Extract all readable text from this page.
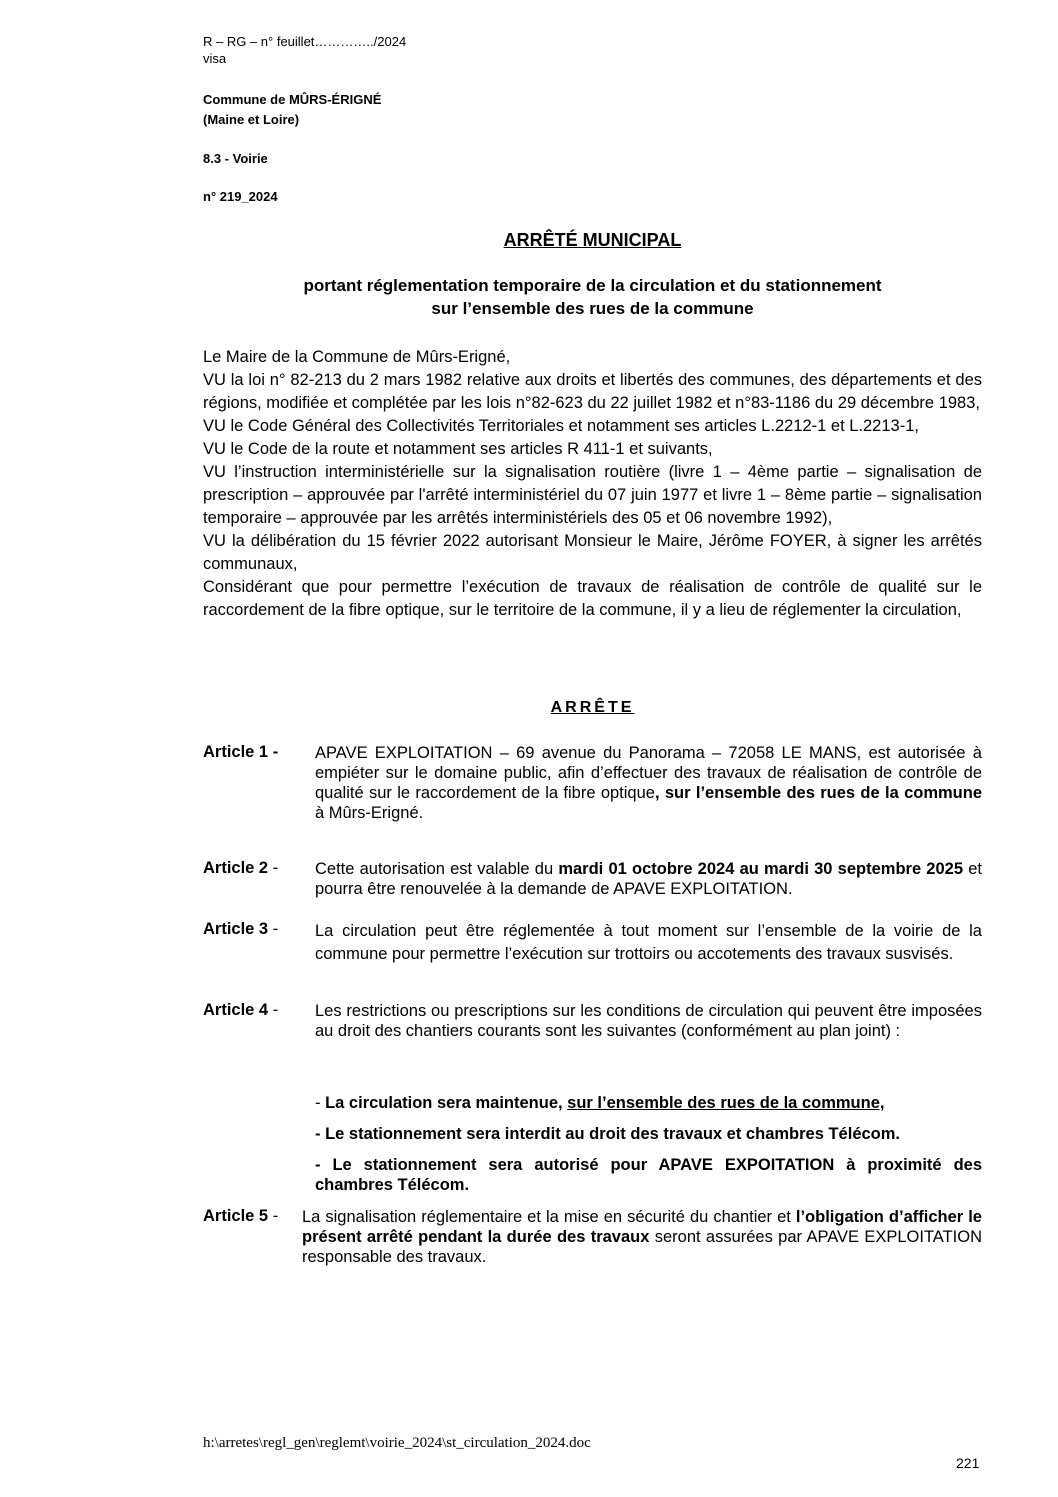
R – RG – n° feuillet…………../2024
visa
Commune de MÛRS-ÉRIGNÉ
(Maine et Loire)
8.3 - Voirie
n° 219_2024
ARRÊTÉ MUNICIPAL
portant réglementation temporaire de la circulation et du stationnement
sur l’ensemble des rues de la commune

Le Maire de la Commune de Mûrs-Erigné,

VU la loi n° 82-213 du 2 mars 1982 relative aux droits et libertés des communes, des départements et des régions, modifiée et complétée par les lois n°82-623 du 22 juillet 1982 et n°83-1186 du 29 décembre 1983,

VU le Code Général des Collectivités Territoriales et notamment ses articles L.2212-1 et L.2213-1,

VU le Code de la route et notamment ses articles R 411-1 et suivants,

VU l’instruction interministérielle sur la signalisation routière (livre 1 – 4ème partie – signalisation de prescription – approuvée par l'arrêté interministériel du 07 juin 1977 et livre 1 – 8ème partie – signalisation temporaire – approuvée par les arrêtés interministériels des 05 et 06 novembre 1992),

VU la délibération du 15 février 2022 autorisant Monsieur le Maire, Jérôme FOYER, à signer les arrêtés communaux,

Considérant que pour permettre l’exécution de travaux de réalisation de contrôle de qualité sur le raccordement de la fibre optique, sur le territoire de la commune, il y a lieu de réglementer la circulation,

ARRÊTE
Article 1 - APAVE EXPLOITATION – 69 avenue du Panorama – 72058 LE MANS, est autorisée à empiéter sur le domaine public, afin d’effectuer des travaux de réalisation de contrôle de qualité sur le raccordement de la fibre optique, sur l’ensemble des rues de la commune à Mûrs-Erigné.
Article 2 - Cette autorisation est valable du mardi 01 octobre 2024 au mardi 30 septembre 2025 et pourra être renouvelée à la demande de APAVE EXPLOITATION.
Article 3 - La circulation peut être réglementée à tout moment sur l’ensemble de la voirie de la commune pour permettre l’exécution sur trottoirs ou accotements des travaux susvisés.
Article 4 - Les restrictions ou prescriptions sur les conditions de circulation qui peuvent être imposées au droit des chantiers courants sont les suivantes (conformément au plan joint) :
- La circulation sera maintenue, sur l’ensemble des rues de la commune,
- Le stationnement sera interdit au droit des travaux et chambres Télécom.
- Le stationnement sera autorisé pour APAVE EXPOITATION à proximité des chambres Télécom.
Article 5 - La signalisation réglementaire et la mise en sécurité du chantier et l’obligation d’afficher le présent arrêté pendant la durée des travaux seront assurées par APAVE EXPLOITATION responsable des travaux.
h:\arretes\regl_gen\reglemt\voirie_2024\st_circulation_2024.doc
221
